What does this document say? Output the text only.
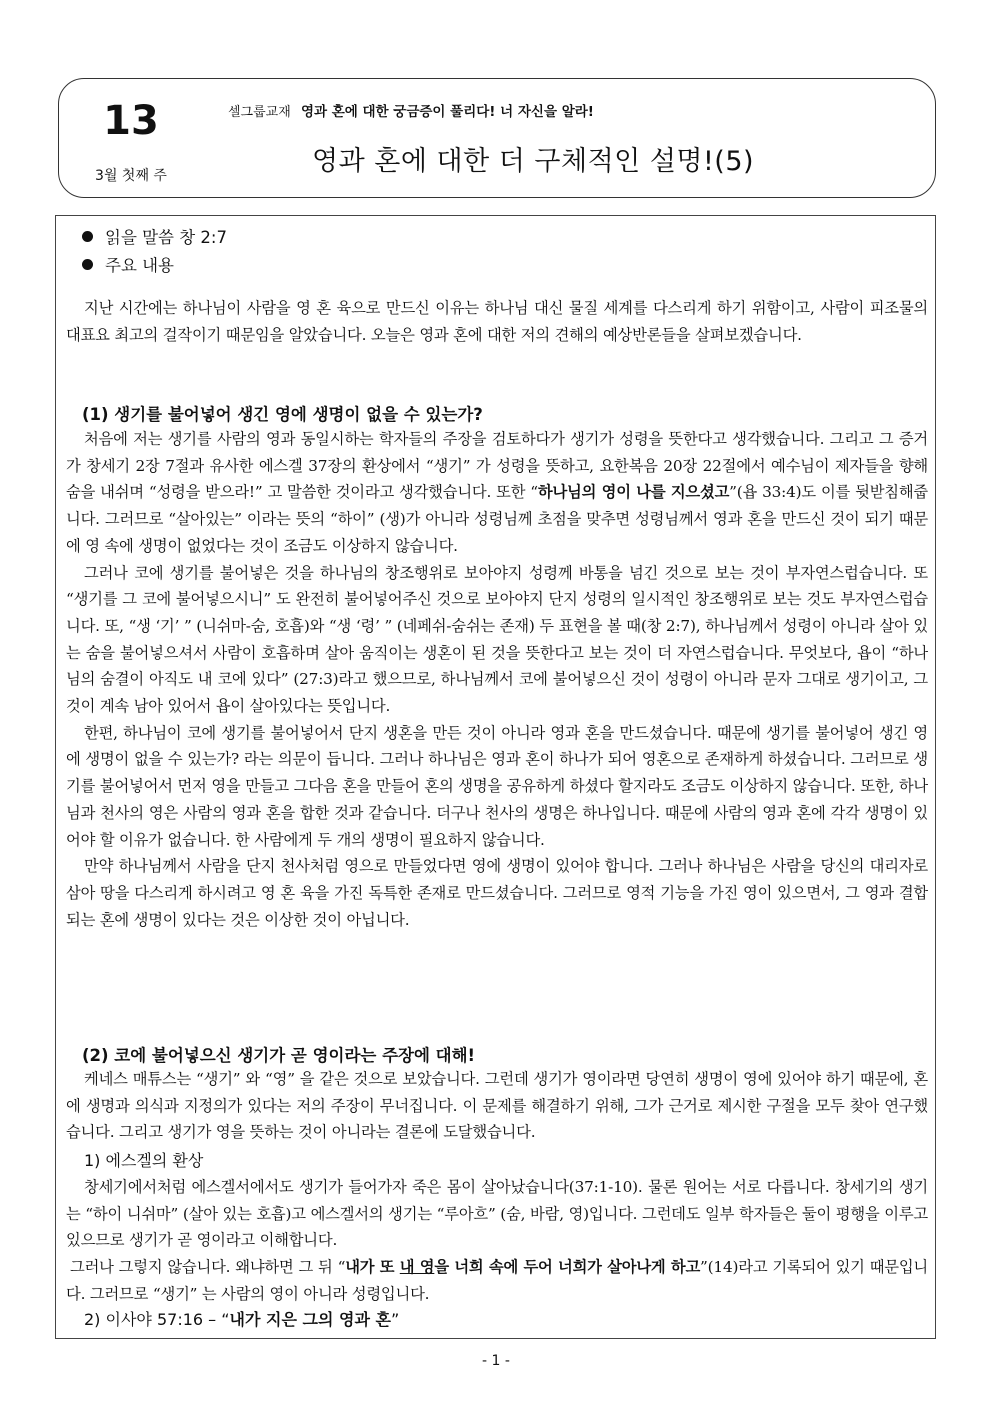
13
3월 첫째 주
셀그룹교재 영과 혼에 대한 궁금증이 풀리다! 너 자신을 알라!
영과 혼에 대한 더 구체적인 설명!(5)
읽을 말씀 창 2:7
주요 내용

지난 시간에는 하나님이 사람을 영 혼 육으로 만드신 이유는 하나님 대신 물질 세계를 다스리게 하기 위함이고, 사람이 피조물의 대표요 최고의 걸작이기 때문임을 알았습니다. 오늘은 영과 혼에 대한 저의 견해의 예상반론들을 살펴보겠습니다.

(1) 생기를 불어넣어 생긴 영에 생명이 없을 수 있는가?

처음에 저는 생기를 사람의 영과 동일시하는 학자들의 주장을 검토하다가 생기가 성령을 뜻한다고 생각했습니다. 그리고 그 증거가 창세기 2장 7절과 유사한 에스겔 37장의 환상에서 “생기” 가 성령을 뜻하고, 요한복음 20장 22절에서 예수님이 제자들을 향해 숨을 내쉬며 “성령을 받으라!” 고 말씀한 것이라고 생각했습니다. 또한 “하나님의 영이 나를 지으셨고”(욥 33:4)도 이를 뒷받침해줍니다. 그러므로 “살아있는” 이라는 뜻의 “하이” (생)가 아니라 성령님께 초점을 맞추면 성령님께서 영과 혼을 만드신 것이 되기 때문에 영 속에 생명이 없었다는 것이 조금도 이상하지 않습니다.

그러나 코에 생기를 불어넣은 것을 하나님의 창조행위로 보아야지 성령께 바통을 넘긴 것으로 보는 것이 부자연스럽습니다. 또 “생기를 그 코에 불어넣으시니” 도 완전히 불어넣어주신 것으로 보아야지 단지 성령의 일시적인 창조행위로 보는 것도 부자연스럽습니다. 또, “생 ‘기’ ” (니쉬마-숨, 호흡)와 “생 ‘령’ ” (네페쉬-숨쉬는 존재) 두 표현을 볼 때(창 2:7), 하나님께서 성령이 아니라 살아 있는 숨을 불어넣으셔서 사람이 호흡하며 살아 움직이는 생혼이 된 것을 뜻한다고 보는 것이 더 자연스럽습니다. 무엇보다, 욥이 “하나님의 숨결이 아직도 내 코에 있다” (27:3)라고 했으므로, 하나님께서 코에 불어넣으신 것이 성령이 아니라 문자 그대로 생기이고, 그것이 계속 남아 있어서 욥이 살아있다는 뜻입니다.

한편, 하나님이 코에 생기를 불어넣어서 단지 생혼을 만든 것이 아니라 영과 혼을 만드셨습니다. 때문에 생기를 불어넣어 생긴 영에 생명이 없을 수 있는가? 라는 의문이 듭니다. 그러나 하나님은 영과 혼이 하나가 되어 영혼으로 존재하게 하셨습니다. 그러므로 생기를 불어넣어서 먼저 영을 만들고 그다음 혼을 만들어 혼의 생명을 공유하게 하셨다 할지라도 조금도 이상하지 않습니다. 또한, 하나님과 천사의 영은 사람의 영과 혼을 합한 것과 같습니다. 더구나 천사의 생명은 하나입니다. 때문에 사람의 영과 혼에 각각 생명이 있어야 할 이유가 없습니다. 한 사람에게 두 개의 생명이 필요하지 않습니다.

만약 하나님께서 사람을 단지 천사처럼 영으로 만들었다면 영에 생명이 있어야 합니다. 그러나 하나님은 사람을 당신의 대리자로 삼아 땅을 다스리게 하시려고 영 혼 육을 가진 독특한 존재로 만드셨습니다. 그러므로 영적 기능을 가진 영이 있으면서, 그 영과 결합되는 혼에 생명이 있다는 것은 이상한 것이 아닙니다.

(2) 코에 불어넣으신 생기가 곧 영이라는 주장에 대해!

케네스 매튜스는 “생기” 와 “영” 을 같은 것으로 보았습니다. 그런데 생기가 영이라면 당연히 생명이 영에 있어야 하기 때문에, 혼에 생명과 의식과 지정의가 있다는 저의 주장이 무너집니다. 이 문제를 해결하기 위해, 그가 근거로 제시한 구절을 모두 찾아 연구했습니다. 그리고 생기가 영을 뜻하는 것이 아니라는 결론에 도달했습니다.

1) 에스겔의 환상

창세기에서처럼 에스겔서에서도 생기가 들어가자 죽은 몸이 살아났습니다(37:1-10). 물론 원어는 서로 다릅니다. 창세기의 생기는 “하이 니쉬마” (살아 있는 호흡)고 에스겔서의 생기는 “루아흐” (숨, 바람, 영)입니다. 그런데도 일부 학자들은 둘이 평행을 이루고 있으므로 생기가 곧 영이라고 이해합니다.

그러나 그렇지 않습니다. 왜냐하면 그 뒤 “내가 또 내 영을 너희 속에 두어 너희가 살아나게 하고”(14)라고 기록되어 있기 때문입니다. 그러므로 “생기” 는 사람의 영이 아니라 성령입니다.

2) 이사야 57:16 – “내가 지은 그의 영과 혼”
- 1 -
